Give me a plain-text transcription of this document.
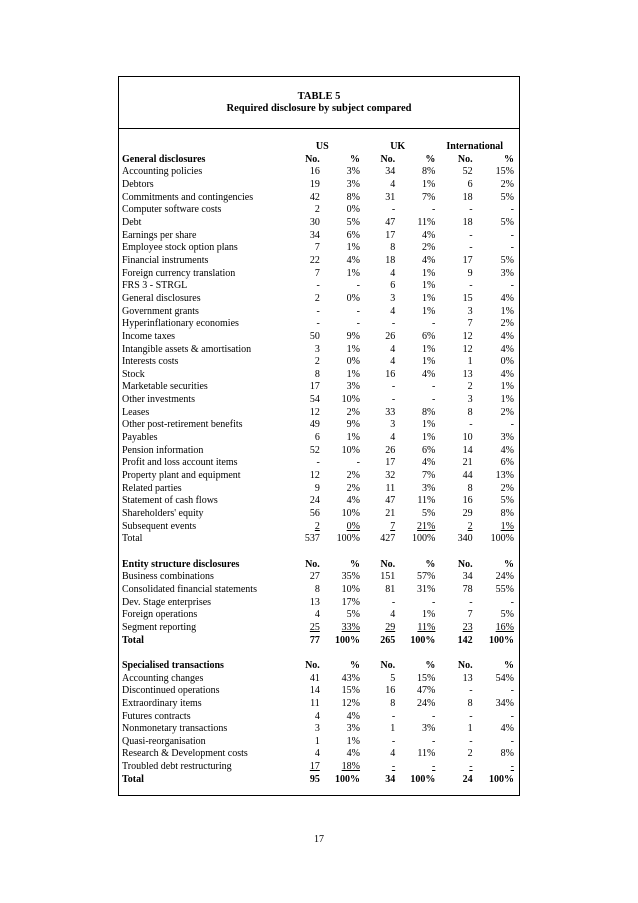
TABLE 5
Required disclosure by subject compared
	US		UK		International	
General disclosures	No.	%	No.	%	No.	%
Accounting policies	16	3%	34	8%	52	15%
Debtors	19	3%	4	1%	6	2%
Commitments and contingencies	42	8%	31	7%	18	5%
Computer software costs	2	0%	-	-	-	-
Debt	30	5%	47	11%	18	5%
Earnings per share	34	6%	17	4%	-	-
Employee stock option plans	7	1%	8	2%	-	-
Financial instruments	22	4%	18	4%	17	5%
Foreign currency translation	7	1%	4	1%	9	3%
FRS 3 - STRGL	-	-	6	1%	-	-
General disclosures	2	0%	3	1%	15	4%
Government grants	-	-	4	1%	3	1%
Hyperinflationary economies	-	-	-	-	7	2%
Income taxes	50	9%	26	6%	12	4%
Intangible assets & amortisation	3	1%	4	1%	12	4%
Interests costs	2	0%	4	1%	1	0%
Stock	8	1%	16	4%	13	4%
Marketable securities	17	3%	-	-	2	1%
Other investments	54	10%	-	-	3	1%
Leases	12	2%	33	8%	8	2%
Other post-retirement benefits	49	9%	3	1%	-	-
Payables	6	1%	4	1%	10	3%
Pension information	52	10%	26	6%	14	4%
Profit and loss account items	-	-	17	4%	21	6%
Property plant and equipment	12	2%	32	7%	44	13%
Related parties	9	2%	11	3%	8	2%
Statement of cash flows	24	4%	47	11%	16	5%
Shareholders' equity	56	10%	21	5%	29	8%
Subsequent events	2	0%	7	21%	2	1%
Total	537	100%	427	100%	340	100%

Entity structure disclosures	No.	%	No.	%	No.	%
Business combinations	27	35%	151	57%	34	24%
Consolidated financial statements	8	10%	81	31%	78	55%
Dev. Stage enterprises	13	17%	-	-	-	-
Foreign operations	4	5%	4	1%	7	5%
Segment reporting	25	33%	29	11%	23	16%
Total	77	100%	265	100%	142	100%

Specialised transactions	No.	%	No.	%	No.	%
Accounting changes	41	43%	5	15%	13	54%
Discontinued operations	14	15%	16	47%	-	-
Extraordinary items	11	12%	8	24%	8	34%
Futures contracts	4	4%	-	-	-	-
Nonmonetary transactions	3	3%	1	3%	1	4%
Quasi-reorganisation	1	1%	-	-	-	-
Research & Development costs	4	4%	4	11%	2	8%
Troubled debt restructuring	17	18%	-	-	-	-
Total	95	100%	34	100%	24	100%
17
